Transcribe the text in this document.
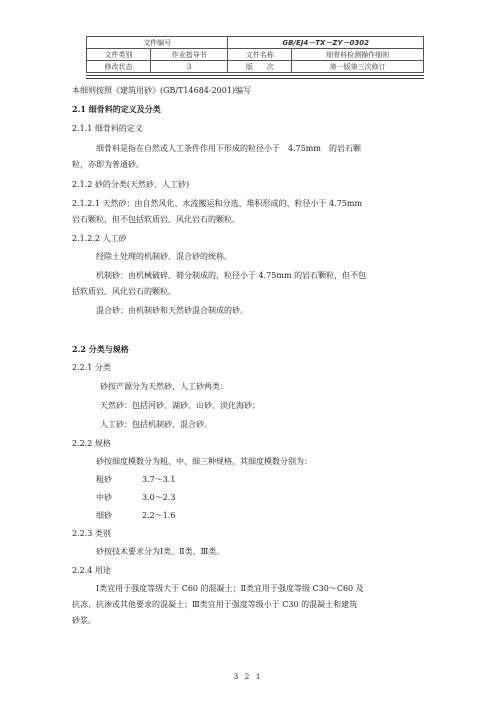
文件编号		GB/EJ4－TX－ZY－0302	
文件类别	作业指导书	文件名称	细骨料检测操作细则
修改状态	3	版　　次	第一版第三次修订
本细则按照《建筑用砂》(GB/T14684-2001)编写
2.1 细骨料的定义及分类
2.1.1 细骨料的定义
细骨料是指在自然或人工条件作用下形成的粒径小于　4.75mm　的岩石颗
粒，亦即为普通砂。
2.1.2 砂的分类(天然砂、人工砂)
2.1.2.1 天然砂：由自然风化、水流搬运和分选、堆积形成的、粒径小于 4.75mm
岩石颗粒，但不包括软质岩、风化岩石的颗粒。
2.1.2.2 人工砂
经除土处理的机制砂、混合砂的统称。
机制砂：由机械破碎、筛分制成的，粒径小于 4.75mm 的岩石颗粒，但不包
括软质岩、风化岩石的颗粒。
混合砂：由机制砂和天然砂混合制成的砂。
2.2 分类与规格
2.2.1 分类
砂按产源分为天然砂、人工砂两类：
天然砂：包括河砂、湖砂、山砂、淡化海砂；
人工砂：包括机制砂、混合砂。
2.2.2 规格
砂按细度模数分为粗、中、细三种规格，其细度模数分别为：
粗砂	3.7～3.1
中砂	3.0～2.3
细砂	2.2～1.6
2.2.3 类别
砂按技术要求分为Ⅰ类、Ⅱ类、Ⅲ类。
2.2.4 用途
Ⅰ类宜用于强度等级大于 C60 的混凝土；Ⅱ类宜用于强度等级 C30～C60 及
抗冻、抗渗或其他要求的混凝土；Ⅲ类宜用于强度等级小于 C30 的混凝土和建筑
砂浆。
3 2 1
